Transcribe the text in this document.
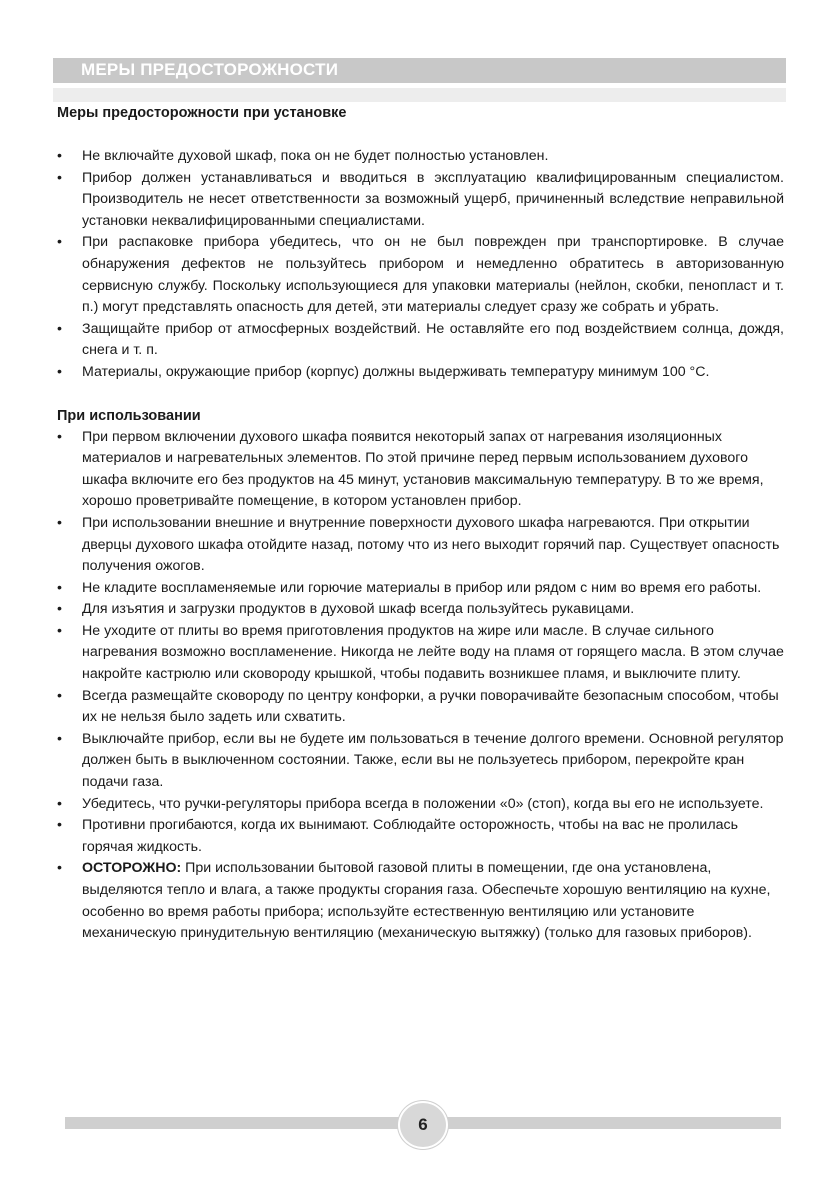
МЕРЫ ПРЕДОСТОРОЖНОСТИ
Меры предосторожности при установке
• Не включайте духовой шкаф, пока он не будет полностью установлен.
• Прибор должен устанавливаться и вводиться в эксплуатацию квалифицированным специалистом. Производитель не несет ответственности за возможный ущерб, причиненный вследствие неправильной установки неквалифицированными специалистами.
• При распаковке прибора убедитесь, что он не был поврежден при транспортировке. В случае обнаружения дефектов не пользуйтесь прибором и немедленно обратитесь в авторизованную сервисную службу. Поскольку использующиеся для упаковки материалы (нейлон, скобки, пенопласт и т. п.) могут представлять опасность для детей, эти материалы следует сразу же собрать и убрать.
• Защищайте прибор от атмосферных воздействий. Не оставляйте его под воздействием солнца, дождя, снега и т. п.
• Материалы, окружающие прибор (корпус) должны выдерживать температуру минимум 100 °С.
При использовании
• При первом включении духового шкафа появится некоторый запах от нагревания изоляционных материалов и нагревательных элементов. По этой причине перед первым использованием духового шкафа включите его без продуктов на 45 минут, установив максимальную температуру. В то же время, хорошо проветривайте помещение, в котором установлен прибор.
• При использовании внешние и внутренние поверхности духового шкафа нагреваются. При открытии дверцы духового шкафа отойдите назад, потому что из него выходит горячий пар. Существует опасность получения ожогов.
• Не кладите воспламеняемые или горючие материалы в прибор или рядом с ним во время его работы.
• Для изъятия и загрузки продуктов в духовой шкаф всегда пользуйтесь рукавицами.
• Не уходите от плиты во время приготовления продуктов на жире или масле. В случае сильного нагревания возможно воспламенение. Никогда не лейте воду на пламя от горящего масла. В этом случае накройте кастрюлю или сковороду крышкой, чтобы подавить возникшее пламя, и выключите плиту.
• Всегда размещайте сковороду по центру конфорки, а ручки поворачивайте безопасным способом, чтобы их не нельзя было задеть или схватить.
• Выключайте прибор, если вы не будете им пользоваться в течение долгого времени. Основной регулятор должен быть в выключенном состоянии. Также, если вы не пользуетесь прибором, перекройте кран подачи газа.
• Убедитесь, что ручки-регуляторы прибора всегда в положении «0» (стоп), когда вы его не используете.
• Противни прогибаются, когда их вынимают. Соблюдайте осторожность, чтобы на вас не пролилась горячая жидкость.
• ОСТОРОЖНО: При использовании бытовой газовой плиты в помещении, где она установлена, выделяются тепло и влага, а также продукты сгорания газа. Обеспечьте хорошую вентиляцию на кухне, особенно во время работы прибора; используйте естественную вентиляцию или установите механическую принудительную вентиляцию (механическую вытяжку) (только для газовых приборов).
6
